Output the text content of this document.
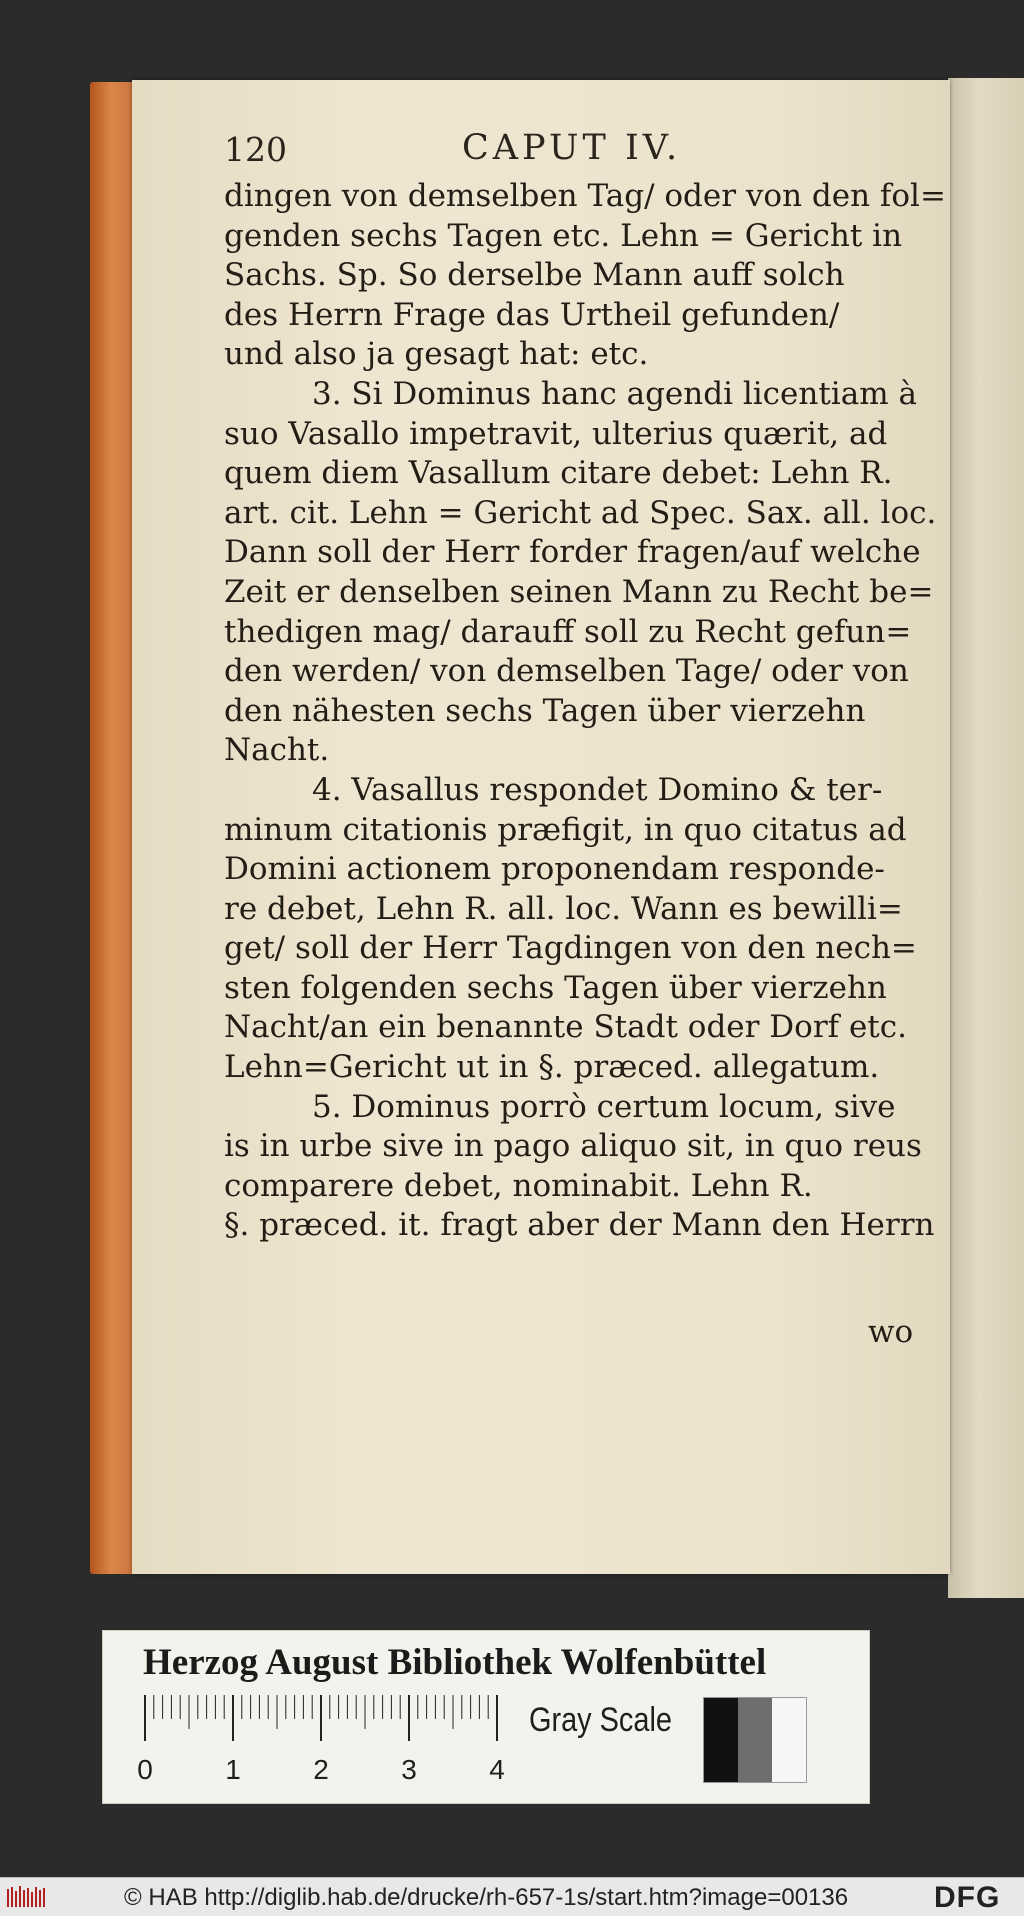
120	CAPUT IV.
dingen von demselben Tag/ oder von den fol=
genden sechs Tagen etc. Lehn = Gericht in
Sachs. Sp. So derselbe Mann auff solch
des Herrn Frage das Urtheil gefunden/
und also ja gesagt hat: etc.
3. Si Dominus hanc agendi licentiam à
suo Vasallo impetravit, ulterius quærit, ad
quem diem Vasallum citare debet: Lehn R.
art. cit. Lehn = Gericht ad Spec. Sax. all. loc.
Dann soll der Herr forder fragen/auf welche
Zeit er denselben seinen Mann zu Recht be=
thedigen mag/ darauff soll zu Recht gefun=
den werden/ von demselben Tage/ oder von
den nähesten sechs Tagen über vierzehn
Nacht.
4. Vasallus respondet Domino & ter-
minum citationis præfigit, in quo citatus ad
Domini actionem proponendam responde-
re debet, Lehn R. all. loc. Wann es bewilli=
get/ soll der Herr Tagdingen von den nech=
sten folgenden sechs Tagen über vierzehn
Nacht/an ein benannte Stadt oder Dorf etc.
Lehn=Gericht ut in §. præced. allegatum.
5. Dominus porrò certum locum, sive
is in urbe sive in pago aliquo sit, in quo reus
comparere debet, nominabit. Lehn R.
§. præced. it. fragt aber der Mann den Herrn
wo
Herzog August Bibliothek Wolfenbüttel
0	1	2	3	4
Gray Scale
© HAB http://diglib.hab.de/drucke/rh-657-1s/start.htm?image=00136	DFG
